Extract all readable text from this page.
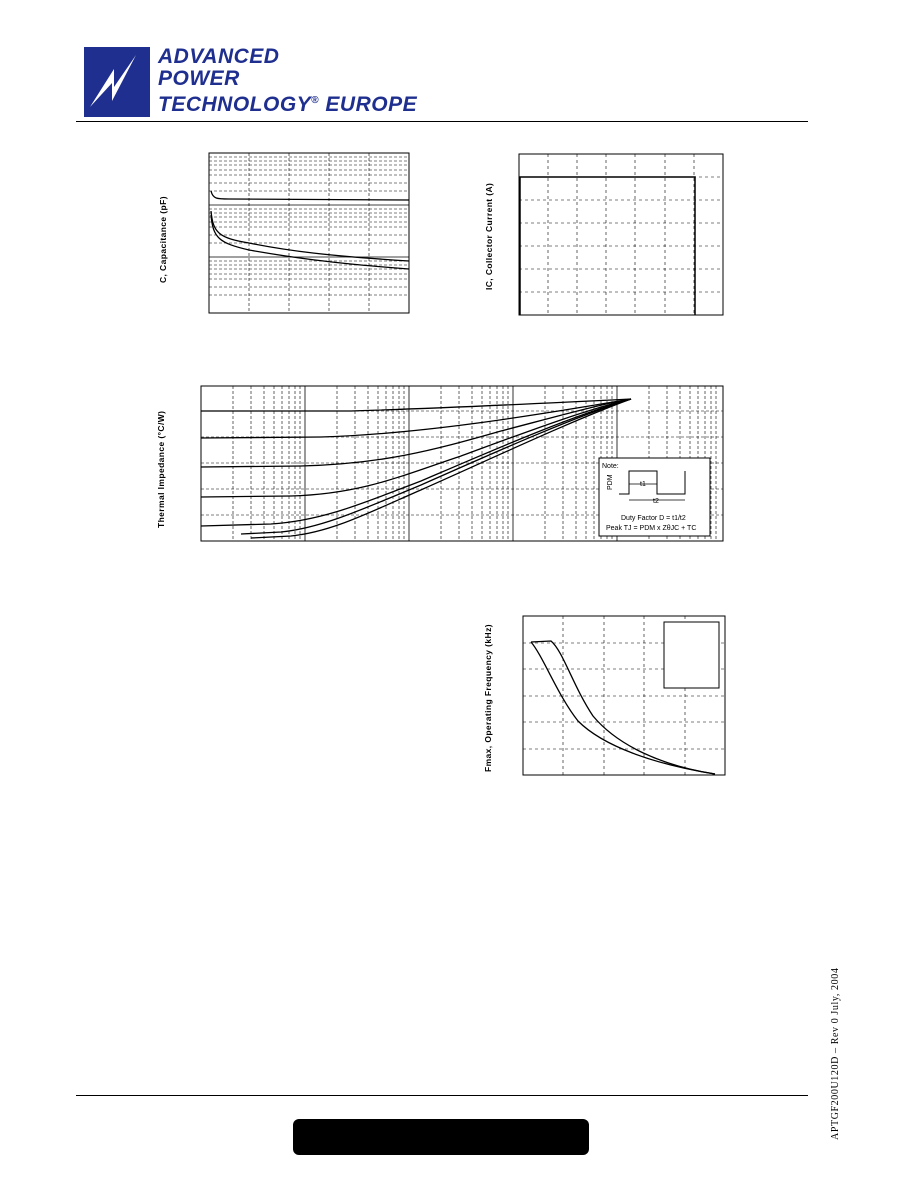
ADVANCED
POWER
TECHNOLOGY® EUROPE
C, Capacitance (pF)	IC, Collector Current (A)
Thermal Impedance (°C/W)	Note:
PDM	t1
t2
Duty Factor D = t1/t2
Peak TJ = PDM x ZθJC + TC
Fmax, Operating Frequency (kHz)
APTGF200U120D – Rev 0 July, 2004
